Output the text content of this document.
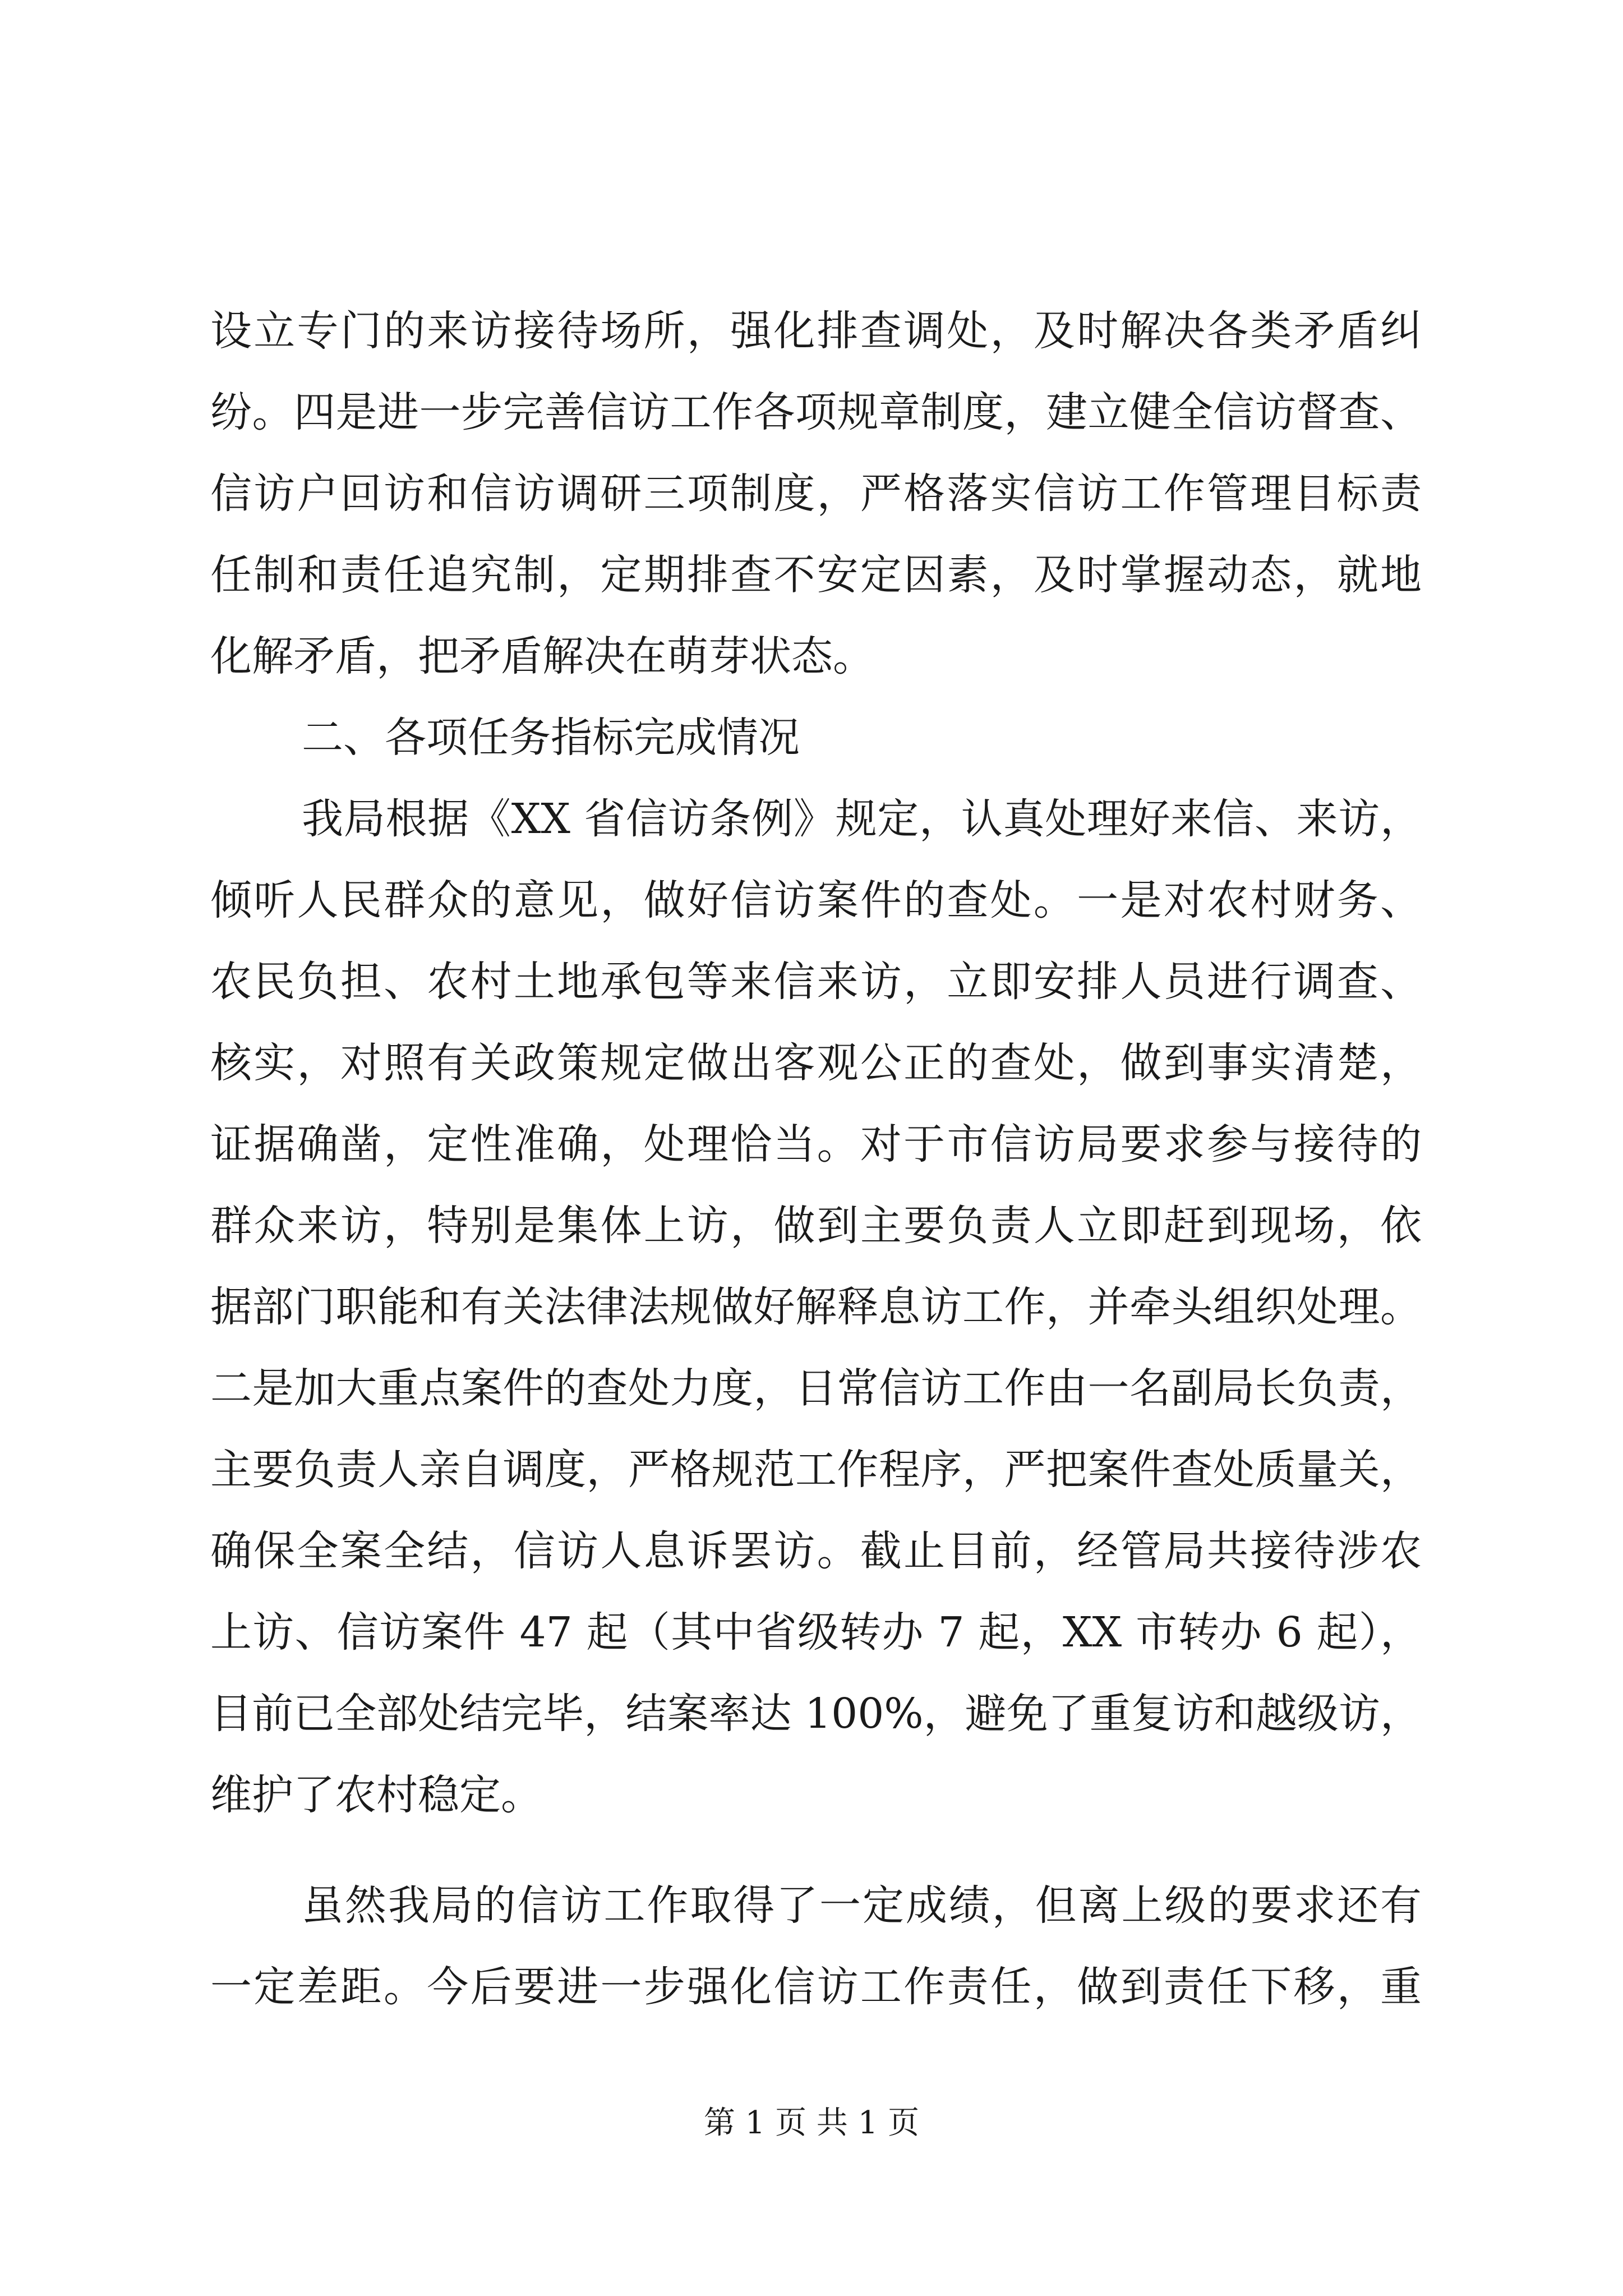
设立专门的来访接待场所，强化排查调处，及时解决各类矛盾纠
纷。四是进一步完善信访工作各项规章制度，建立健全信访督查、
信访户回访和信访调研三项制度，严格落实信访工作管理目标责
任制和责任追究制，定期排查不安定因素，及时掌握动态，就地
化解矛盾，把矛盾解决在萌芽状态。
二、各项任务指标完成情况
我局根据《XX 省信访条例》规定，认真处理好来信、来访，
倾听人民群众的意见，做好信访案件的查处。一是对农村财务、
农民负担、农村土地承包等来信来访，立即安排人员进行调查、
核实，对照有关政策规定做出客观公正的查处，做到事实清楚，
证据确凿，定性准确，处理恰当。对于市信访局要求参与接待的
群众来访，特别是集体上访，做到主要负责人立即赶到现场，依
据部门职能和有关法律法规做好解释息访工作，并牵头组织处理。
二是加大重点案件的查处力度，日常信访工作由一名副局长负责，
主要负责人亲自调度，严格规范工作程序，严把案件查处质量关，
确保全案全结，信访人息诉罢访。截止目前，经管局共接待涉农
上访、信访案件 47 起（其中省级转办 7 起，XX 市转办 6 起），
目前已全部处结完毕，结案率达 100%，避免了重复访和越级访，
维护了农村稳定。
虽然我局的信访工作取得了一定成绩，但离上级的要求还有
一定差距。今后要进一步强化信访工作责任，做到责任下移，重
第 1 页 共 1 页
